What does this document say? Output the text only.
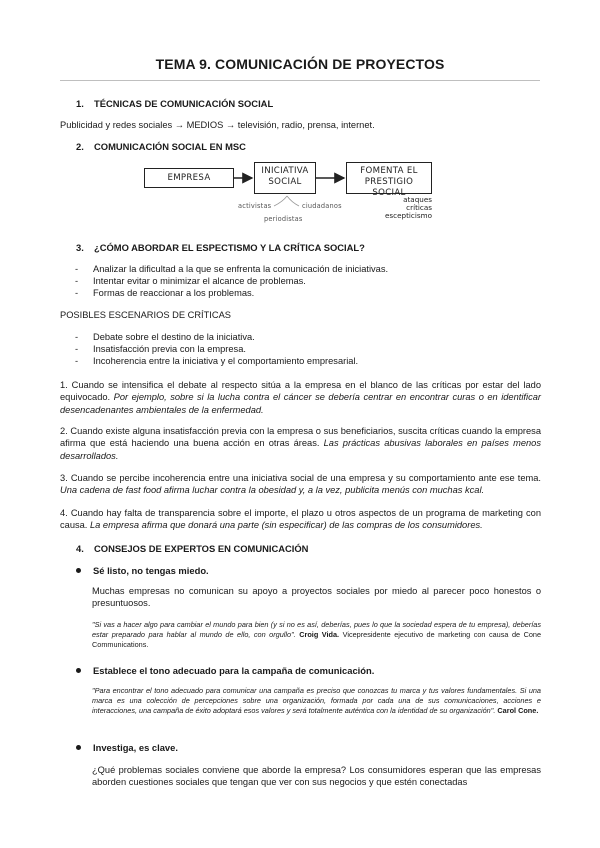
TEMA 9. COMUNICACIÓN DE PROYECTOS
1. TÉCNICAS DE COMUNICACIÓN SOCIAL
Publicidad y redes sociales → MEDIOS → televisión, radio, prensa, internet.
2. COMUNICACIÓN SOCIAL EN MSC
EMPRESA
INICIATIVA
SOCIAL
FOMENTA EL
PRESTIGIO SOCIAL
activistas	ciudadanos
periodistas
ataques
críticas
escepticismo
3. ¿CÓMO ABORDAR EL ESPECTISMO Y LA CRÍTICA SOCIAL?
- Analizar la dificultad a la que se enfrenta la comunicación de iniciativas.
- Intentar evitar o minimizar el alcance de problemas.
- Formas de reaccionar a los problemas.
POSIBLES ESCENARIOS DE CRÍTICAS
- Debate sobre el destino de la iniciativa.
- Insatisfacción previa con la empresa.
- Incoherencia entre la iniciativa y el comportamiento empresarial.
1. Cuando se intensifica el debate al respecto sitúa a la empresa en el blanco de las críticas por estar del lado equivocado. Por ejemplo, sobre si la lucha contra el cáncer se debería centrar en encontrar curas o en identificar desencadenantes ambientales de la enfermedad.
2. Cuando existe alguna insatisfacción previa con la empresa o sus beneficiarios, suscita críticas cuando la empresa afirma que está haciendo una buena acción en otras áreas. Las prácticas abusivas laborales en países menos desarrollados.
3. Cuando se percibe incoherencia entre una iniciativa social de una empresa y su comportamiento ante ese tema. Una cadena de fast food afirma luchar contra la obesidad y, a la vez, publicita menús con muchas kcal.
4. Cuando hay falta de transparencia sobre el importe, el plazo u otros aspectos de un programa de marketing con causa. La empresa afirma que donará una parte (sin especificar) de las compras de los consumidores.
4. CONSEJOS DE EXPERTOS EN COMUNICACIÓN
Sé listo, no tengas miedo.
Muchas empresas no comunican su apoyo a proyectos sociales por miedo al parecer poco honestos o presuntuosos.
"Si vas a hacer algo para cambiar el mundo para bien (y si no es así, deberías, pues lo que la sociedad espera de tu empresa), deberías estar preparado para hablar al mundo de ello, con orgullo". Croig Vida. Vicepresidente ejecutivo de marketing con causa de Cone Communications.
Establece el tono adecuado para la campaña de comunicación.
"Para encontrar el tono adecuado para comunicar una campaña es preciso que conozcas tu marca y tus valores fundamentales. Si una marca es una colección de percepciones sobre una organización, formada por cada una de sus comunicaciones, acciones e interacciones, una campaña de éxito adoptará esos valores y será totalmente auténtica con la identidad de su organización". Carol Cone.
Investiga, es clave.
¿Qué problemas sociales conviene que aborde la empresa? Los consumidores esperan que las empresas aborden cuestiones sociales que tengan que ver con sus negocios y que estén conectadas
